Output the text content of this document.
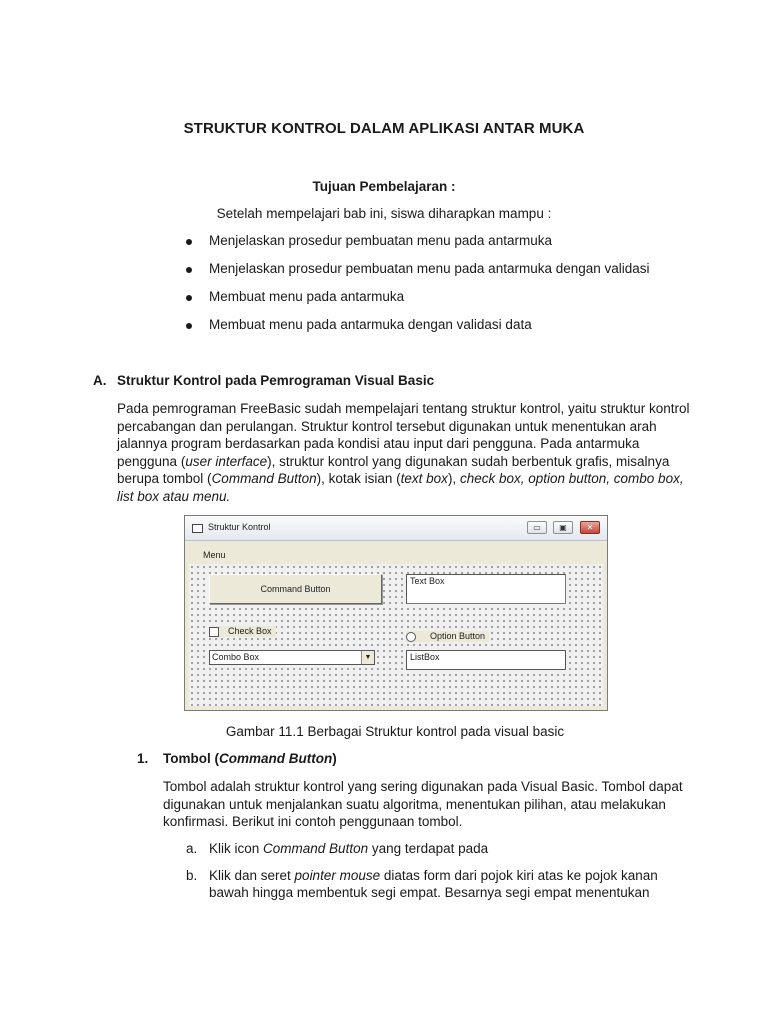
STRUKTUR KONTROL DALAM APLIKASI ANTAR MUKA
Tujuan Pembelajaran :
Setelah mempelajari bab ini, siswa diharapkan mampu :
Menjelaskan prosedur pembuatan menu pada antarmuka
Menjelaskan prosedur pembuatan menu pada antarmuka dengan validasi
Membuat menu pada antarmuka
Membuat menu pada antarmuka dengan validasi data
A. Struktur Kontrol pada Pemrograman Visual Basic
Pada pemrograman FreeBasic sudah mempelajari tentang struktur kontrol, yaitu struktur kontrol
percabangan dan perulangan. Struktur kontrol tersebut digunakan untuk menentukan arah
jalannya program berdasarkan pada kondisi atau input dari pengguna. Pada antarmuka
pengguna (user interface), struktur kontrol yang digunakan sudah berbentuk grafis, misalnya
berupa tombol (Command Button), kotak isian (text box), check box, option button, combo box,
list box atau menu.
Struktur Kontrol	▭	▣	✕
Menu
Command Button
Text Box
Check Box	Option Button
Combo Box	▼	ListBox
Gambar 11.1 Berbagai Struktur kontrol pada visual basic
1. Tombol (Command Button)
Tombol adalah struktur kontrol yang sering digunakan pada Visual Basic. Tombol dapat
digunakan untuk menjalankan suatu algoritma, menentukan pilihan, atau melakukan
konfirmasi. Berikut ini contoh penggunaan tombol.
a. Klik icon Command Button yang terdapat pada
b. Klik dan seret pointer mouse diatas form dari pojok kiri atas ke pojok kanan
bawah hingga membentuk segi empat. Besarnya segi empat menentukan
